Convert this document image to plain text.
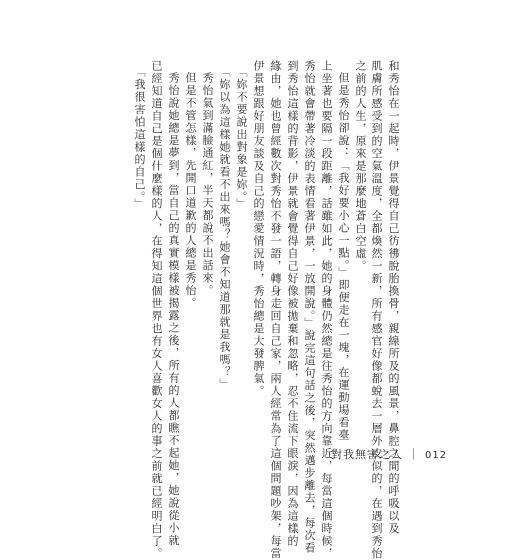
和秀怡在一起時，伊景覺得自己彷彿脫胎換骨，親線所及的風景，鼻腔之間的呼吸以及
肌膚所感受到的空氣溫度，全都煥然一新，所有感官好像都蛻去一層外皮似的，在遇到秀怡
之前的人生，原來是那麼地蒼白空虛。
但是秀怡卻說：「我好要小心一點。」即便走在一塊，在運動場看臺
上坐著也要隔一段距離，話雖如此，她的身體仍然總是往秀怡的方向靠近，每當這個時候，
秀怡就會帶著冷淡的表情看著伊景，一放開說。」說完這句話之後，突然邁步離去，每次看
到秀怡這樣的背影，伊景就會覺得自己好像被拋棄和忽略，忍不住流下眼淚，因為這樣的
緣由，她也曾經數次對秀怡不發一語，轉身走回自己家，兩人經常為了這個問題吵架，每當
伊景想跟好朋友談及自己的戀愛情況時，秀怡總是大發脾氣。
「妳不要說出對象是妳。」
「妳以為這樣她就看不出來嗎？她會不知道那就是我嗎？」
秀怡氣到滿臉通紅，半天都說不出話來。
但是不管怎樣，先開口道歉的人總是秀怡。
秀怡說她總是夢到，當自己的真實模樣被揭露之後，所有的人都瞧不起她，她說從小就
已經知道自己是個什麼樣的人，在得知這個世界也有女人喜歡女人的事之前就已經明白了。
「我很害怕這樣的自己。」
對我無害之人 ｜ 012
